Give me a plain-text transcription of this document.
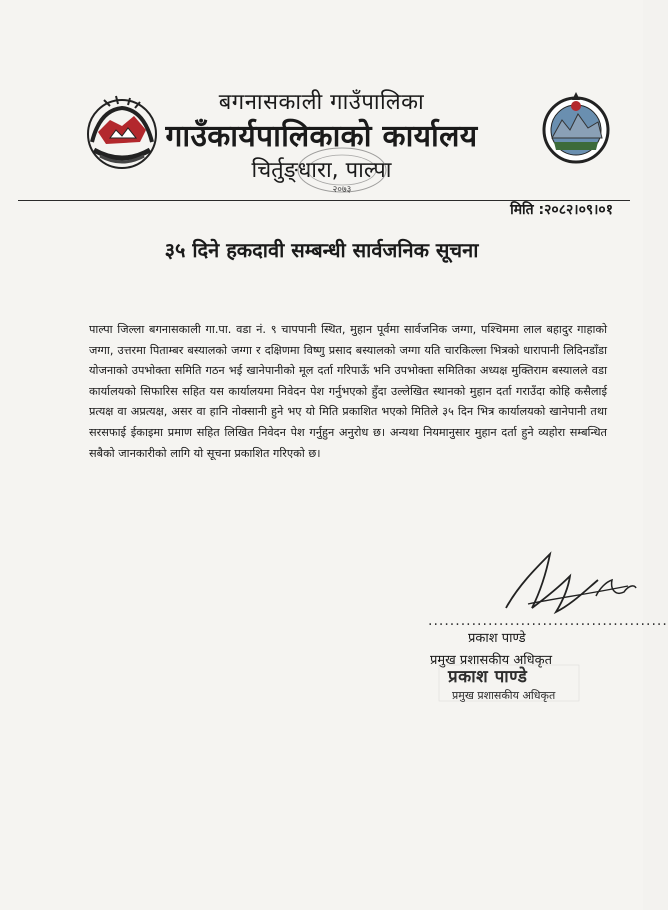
बगनासकाली गाउँपालिका
गाउँकार्यपालिकाको कार्यालय
चिर्तुङ्धारा, पाल्पा
२०७३
मिति :२०८२।०९।०१
३५ दिने हकदावी सम्बन्धी सार्वजनिक सूचना
पाल्पा जिल्ला बगनासकाली गा.पा. वडा नं. ९ चापपानी स्थित, मुहान पूर्वमा सार्वजनिक जग्गा, पश्चिममा लाल बहादुर गाहाको जग्गा, उत्तरमा पिताम्बर बस्यालको जग्गा र दक्षिणमा विष्णु प्रसाद बस्यालको जग्गा यति चारकिल्ला भित्रको धारापानी लिदिनडाँडा योजनाको उपभोक्ता समिति गठन भई खानेपानीको मूल दर्ता गरिपाऊँ भनि उपभोक्ता समितिका अध्यक्ष मुक्तिराम बस्यालले वडा कार्यालयको सिफारिस सहित यस कार्यालयमा निवेदन पेश गर्नुभएको हुँदा उल्लेखित स्थानको मुहान दर्ता गराउँदा कोहि कसैलाई प्रत्यक्ष वा अप्रत्यक्ष, असर वा हानि नोक्सानी हुने भए यो मिति प्रकाशित भएको मितिले ३५ दिन भित्र कार्यालयको खानेपानी तथा सरसफाई ईकाइमा प्रमाण सहित लिखित निवेदन पेश गर्नुहुन अनुरोध छ। अन्यथा नियमानुसार मुहान दर्ता हुने व्यहोरा सम्बन्धित सबैको जानकारीको लागि यो सूचना प्रकाशित गरिएको छ।
............................................
प्रकाश पाण्डे
प्रमुख प्रशासकीय अधिकृत
प्रकाश पाण्डे
प्रमुख प्रशासकीय अधिकृत
